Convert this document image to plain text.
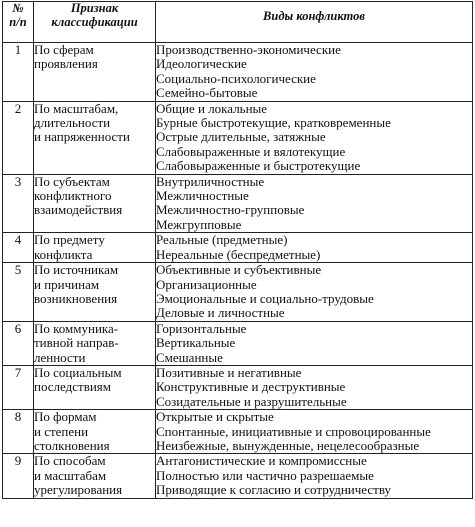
№
п/п	Признак
классификации	Виды конфликтов
1	По сферам
проявления	Производственно-экономические
Идеологические
Социально-психологические
Семейно-бытовые

2	По масштабам,
длительности
и напряженности	Общие и локальные
Бурные быстротекущие, кратковременные
Острые длительные, затяжные
Слабовыраженные и вялотекущие
Слабовыраженные и быстротекущие

3	По субъектам
конфликтного
взаимодействия	Внутриличностные
Межличностные
Межличностно-групповые
Межгрупповые

4	По предмету
конфликта	Реальные (предметные)
Нереальные (беспредметные)

5	По источникам
и причинам
возникновения	Объективные и субъективные
Организационные
Эмоциональные и социально-трудовые
Деловые и личностные

6	По коммуника-
тивной направ-
ленности	Горизонтальные
Вертикальные
Смешанные

7	По социальным
последствиям	Позитивные и негативные
Конструктивные и деструктивные
Созидательные и разрушительные

8	По формам
и степени
столкновения	Открытые и скрытые
Спонтанные, инициативные и спровоцированные
Неизбежные, вынужденные, нецелесообразные

9	По способам
и масштабам
урегулирования	Антагонистические и компромиссные
Полностью или частично разрешаемые
Приводящие к согласию и сотрудничеству
